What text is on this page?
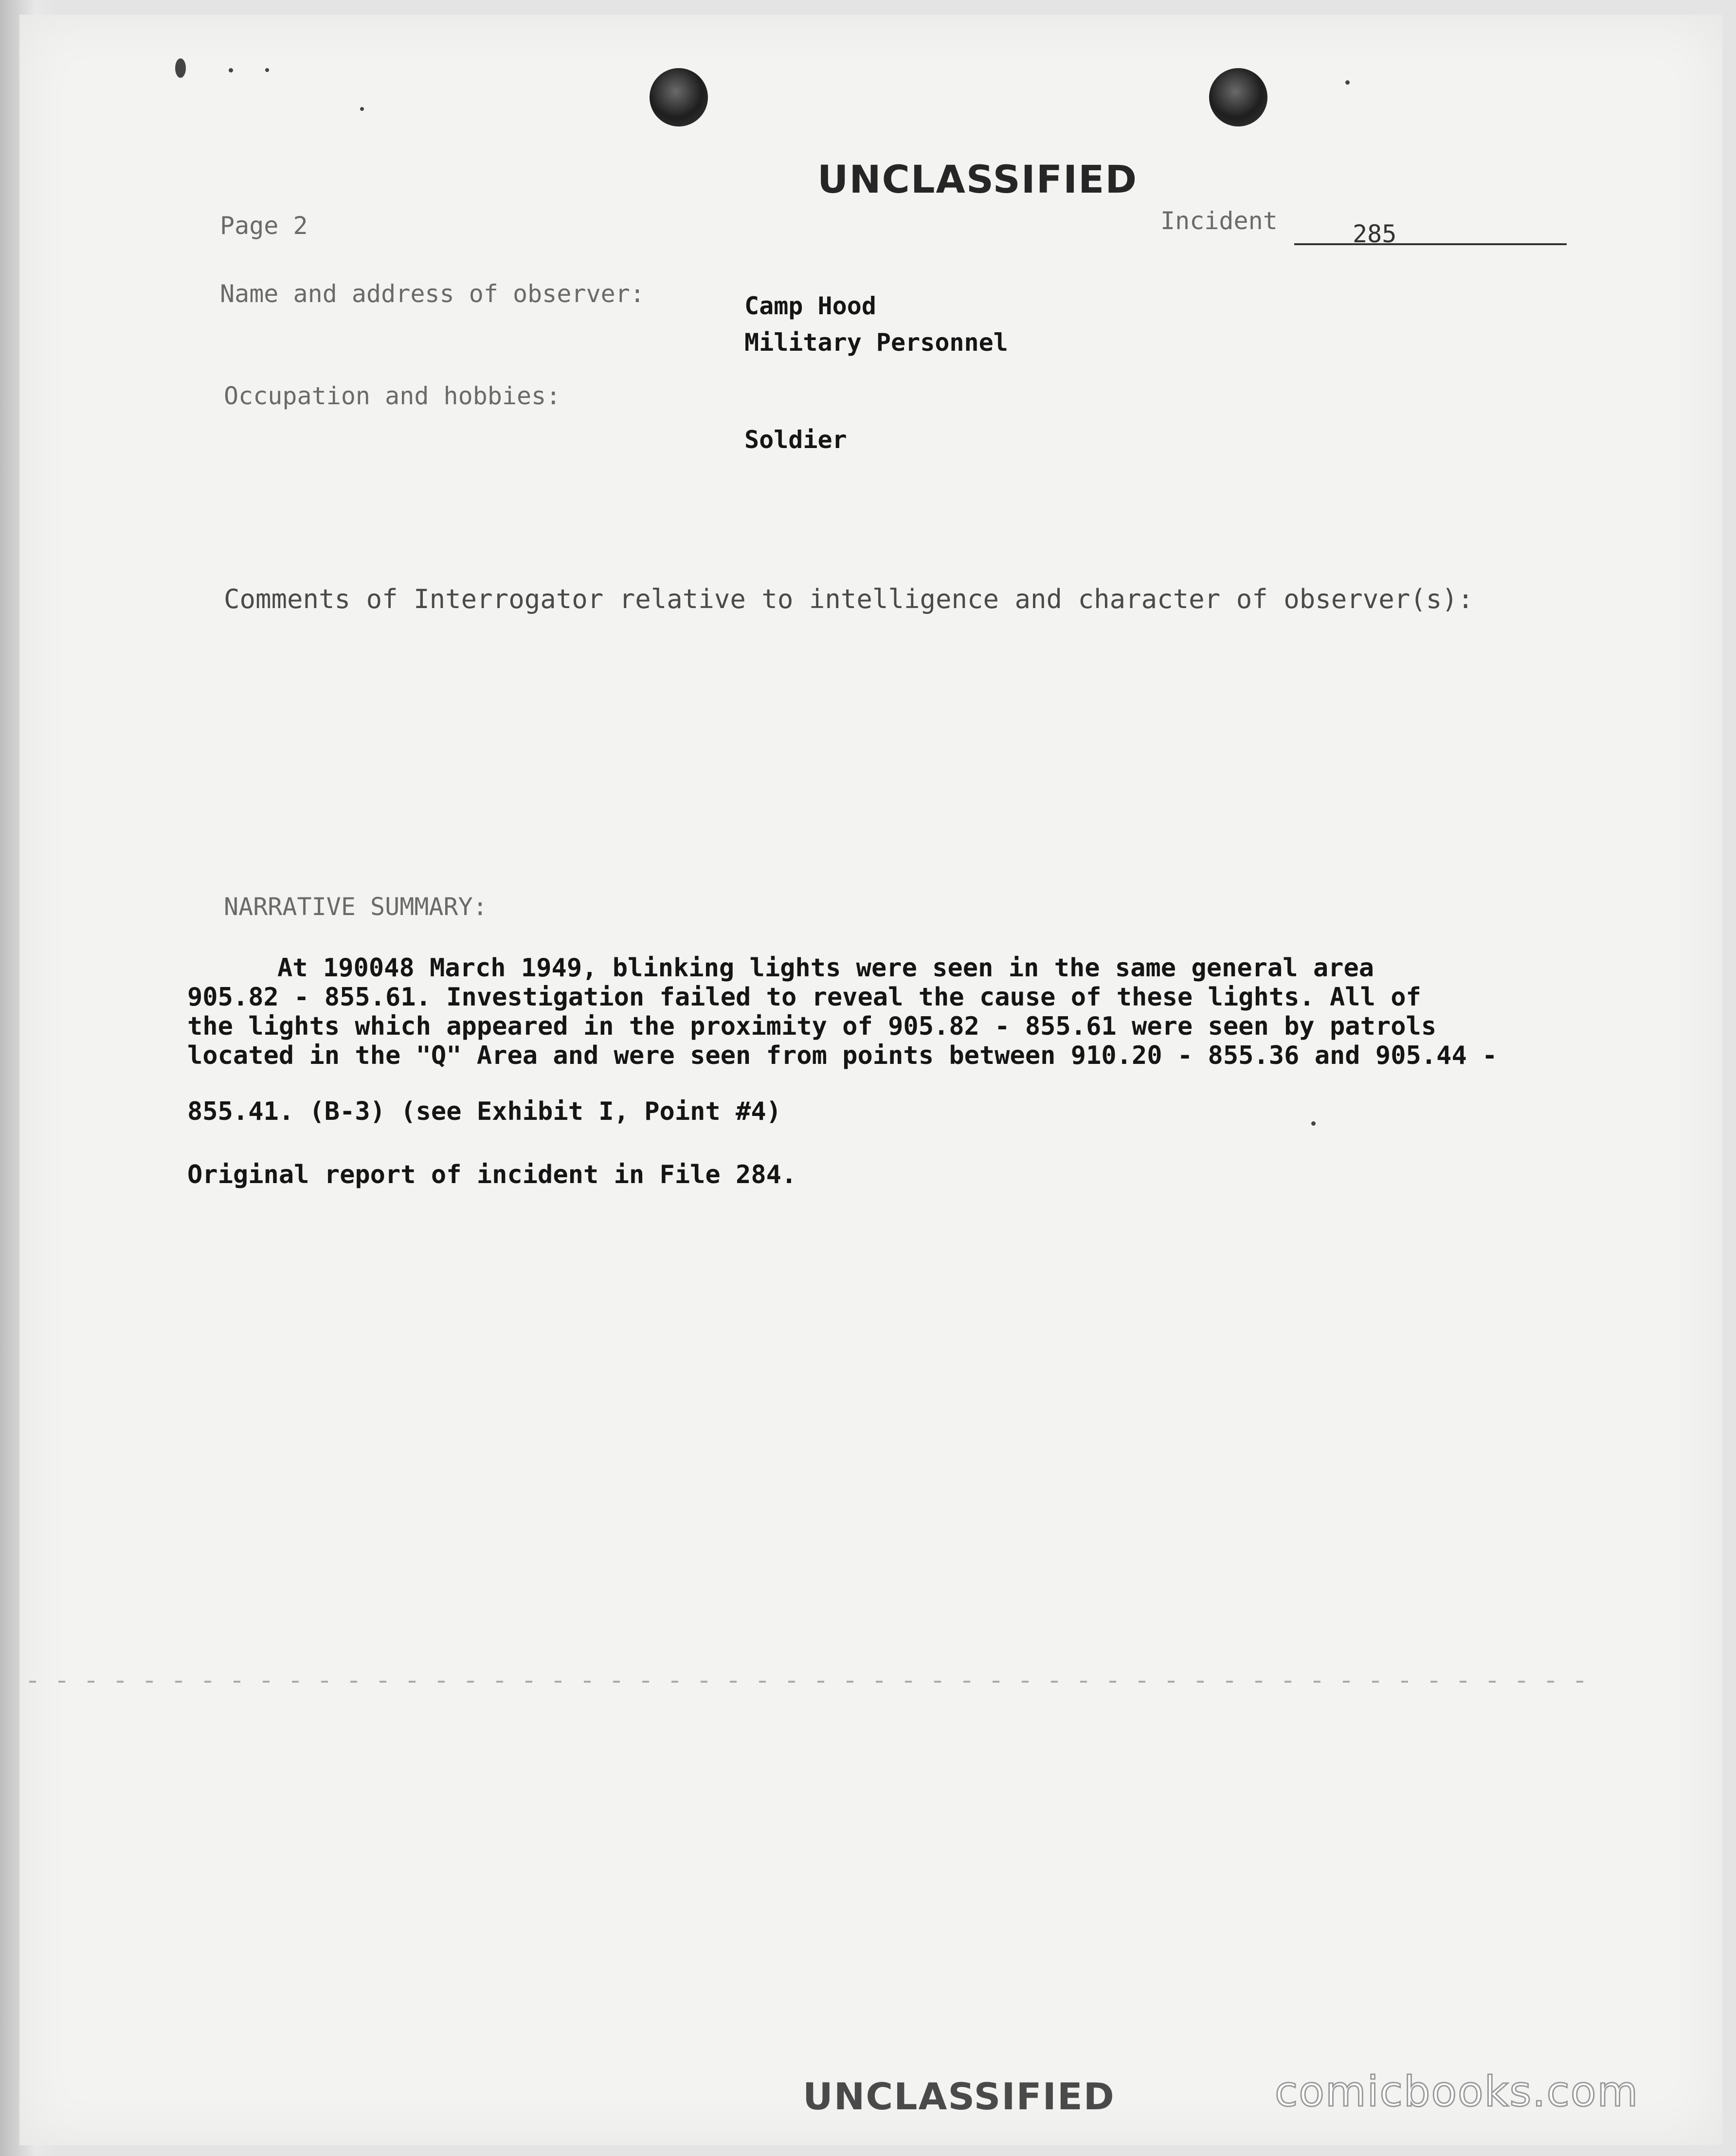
UNCLASSIFIED
Page 2	Incident	285
Name and address of observer:	Camp Hood
Military Personnel
Occupation and hobbies:
Soldier
Comments of Interrogator relative to intelligence and character of observer(s):
NARRATIVE SUMMARY:
At 190048 March 1949, blinking lights were seen in the same general area
905.82 - 855.61. Investigation failed to reveal the cause of these lights. All of
the lights which appeared in the proximity of 905.82 - 855.61 were seen by patrols
located in the "Q" Area and were seen from points between 910.20 - 855.36 and 905.44 -
855.41. (B-3) (see Exhibit I, Point #4)
Original report of incident in File 284.
UNCLASSIFIED	comicbooks.com
